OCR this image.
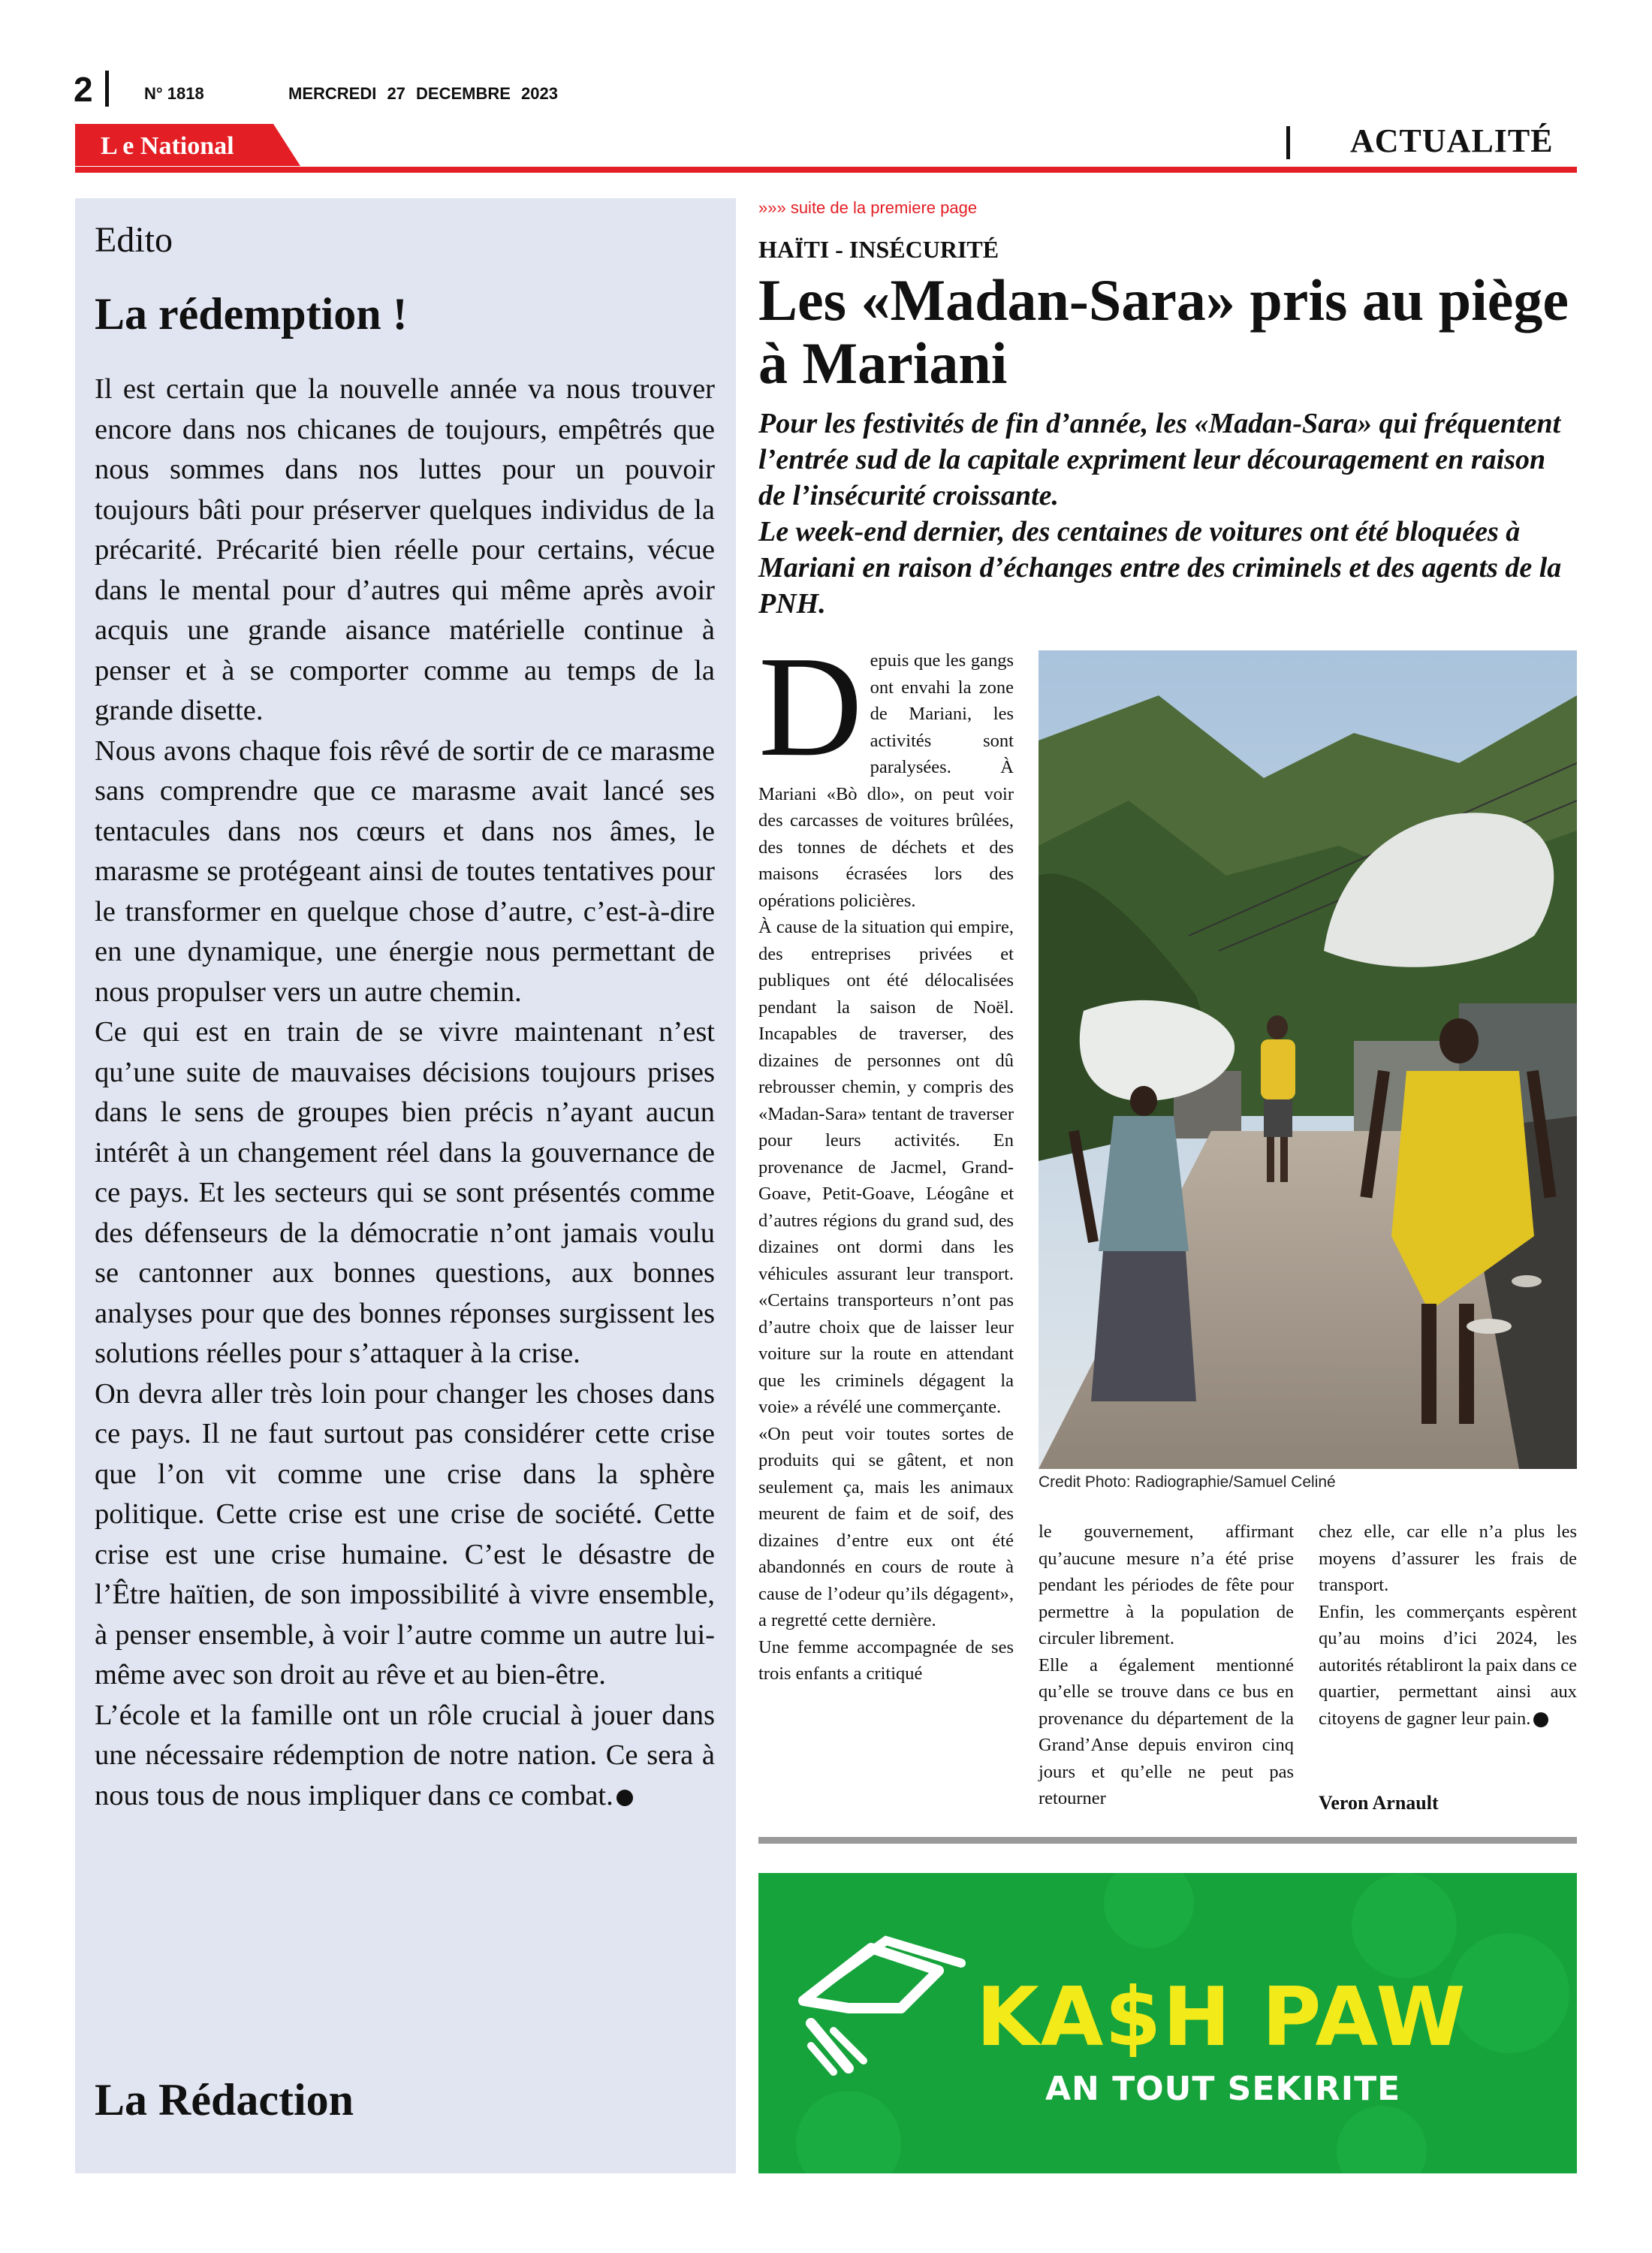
2	N° 1818	MERCREDI 27 DECEMBRE 2023
L e National	ACTUALITÉ
Edito
La rédemption !

Il est certain que la nouvelle année va nous trouver encore dans nos chicanes de toujours, empêtrés que nous sommes dans nos luttes pour un pouvoir toujours bâti pour préserver quelques individus de la précarité. Précarité bien réelle pour certains, vécue dans le mental pour d’autres qui même après avoir acquis une grande aisance matérielle continue à penser et à se comporter comme au temps de la grande disette.

Nous avons chaque fois rêvé de sortir de ce marasme sans comprendre que ce marasme avait lancé ses tentacules dans nos cœurs et dans nos âmes, le marasme se protégeant ainsi de toutes tentatives pour le transformer en quelque chose d’autre, c’est-à-dire en une dynamique, une énergie nous permettant de nous propulser vers un autre chemin.

Ce qui est en train de se vivre maintenant n’est qu’une suite de mauvaises décisions toujours prises dans le sens de groupes bien précis n’ayant aucun intérêt à un changement réel dans la gouvernance de ce pays. Et les secteurs qui se sont présentés comme des défenseurs de la démocratie n’ont jamais voulu se cantonner aux bonnes questions, aux bonnes analyses pour que des bonnes réponses surgissent les solutions réelles pour s’attaquer à la crise.

On devra aller très loin pour changer les choses dans ce pays. Il ne faut surtout pas considérer cette crise que l’on vit comme une crise dans la sphère politique. Cette crise est une crise de société. Cette crise est une crise humaine. C’est le désastre de l’Être haïtien, de son impossibilité à vivre ensemble, à penser ensemble, à voir l’autre comme un autre lui-même avec son droit au rêve et au bien-être.

L’école et la famille ont un rôle crucial à jouer dans une nécessaire rédemption de notre nation. Ce sera à nous tous de nous impliquer dans ce combat.

La Rédaction
»»» suite de la premiere page
HAÏTI - INSÉCURITÉ
Les «Madan-Sara» pris au piège à Mariani

Pour les festivités de fin d’année, les «Madan-Sara» qui fréquentent l’entrée sud de la capitale expriment leur découragement en raison de l’insécurité croissante.

Le week-end dernier, des centaines de voitures ont été bloquées à Mariani en raison d’échanges entre des criminels et des agents de la PNH.

Depuis que les gangs ont envahi la zone de Mariani, les activités sont paralysées. À Mariani «Bò dlo», on peut voir des carcasses de voitures brûlées, des tonnes de déchets et des maisons écrasées lors des opérations policières.

À cause de la situation qui empire, des entreprises privées et publiques ont été délocalisées pendant la saison de Noël. Incapables de traverser, des dizaines de personnes ont dû rebrousser chemin, y compris des «Madan-Sara» tentant de traverser pour leurs activités. En provenance de Jacmel, Grand-Goave, Petit-Goave, Léogâne et d’autres régions du grand sud, des dizaines ont dormi dans les véhicules assurant leur transport. «Certains transporteurs n’ont pas d’autre choix que de laisser leur voiture sur la route en attendant que les criminels dégagent la voie» a révélé une commerçante.

«On peut voir toutes sortes de produits qui se gâtent, et non seulement ça, mais les animaux meurent de faim et de soif, des dizaines d’entre eux ont été abandonnés en cours de route à cause de l’odeur qu’ils dégagent», a regretté cette dernière.

Une femme accompagnée de ses trois enfants a critiqué

le gouvernement, affirmant qu’aucune mesure n’a été prise pendant les périodes de fête pour permettre à la population de circuler librement.

Elle a également mentionné qu’elle se trouve dans ce bus en provenance du département de la Grand’Anse depuis environ cinq jours et qu’elle ne peut pas retourner

chez elle, car elle n’a plus les moyens d’assurer les frais de transport.

Enfin, les commerçants espèrent qu’au moins d’ici 2024, les autorités rétabliront la paix dans ce quartier, permettant ainsi aux citoyens de gagner leur pain.

Veron Arnault
Credit Photo: Radiographie/Samuel Celiné
KA$H PAW
AN TOUT SEKIRITE
